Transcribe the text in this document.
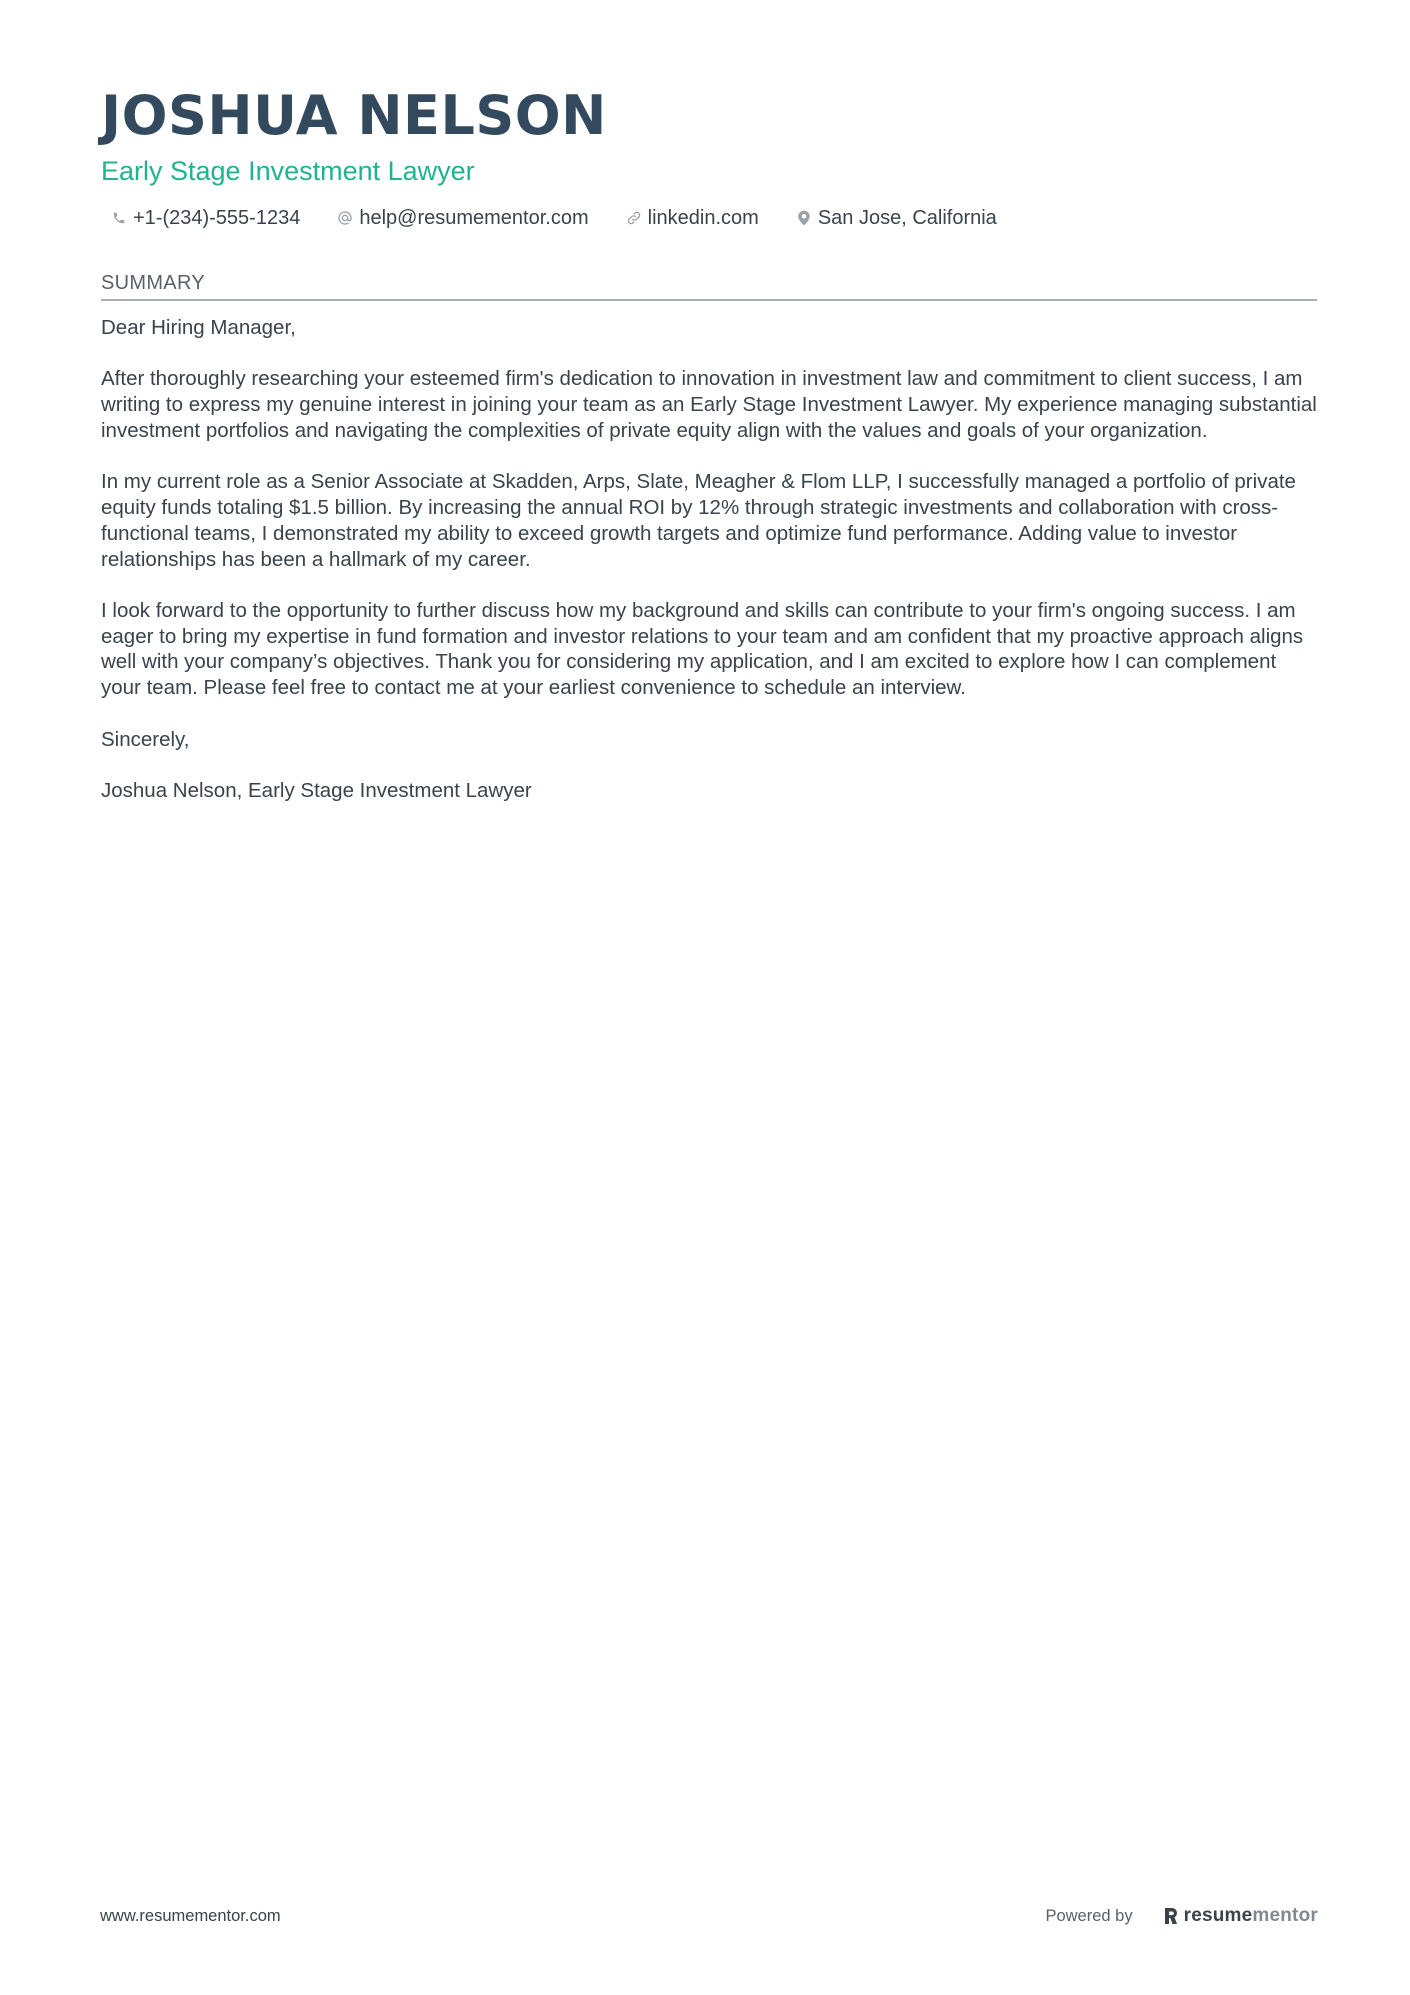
JOSHUA NELSON
Early Stage Investment Lawyer
+1-(234)-555-1234	help@resumementor.com	linkedin.com	San Jose, California
SUMMARY

Dear Hiring Manager,

After thoroughly researching your esteemed firm's dedication to innovation in investment law and commitment to client success, I am writing to express my genuine interest in joining your team as an Early Stage Investment Lawyer. My experience managing substantial investment portfolios and navigating the complexities of private equity align with the values and goals of your organization.

In my current role as a Senior Associate at Skadden, Arps, Slate, Meagher & Flom LLP, I successfully managed a portfolio of private equity funds totaling $1.5 billion. By increasing the annual ROI by 12% through strategic investments and collaboration with cross-functional teams, I demonstrated my ability to exceed growth targets and optimize fund performance. Adding value to investor relationships has been a hallmark of my career.

I look forward to the opportunity to further discuss how my background and skills can contribute to your firm's ongoing success. I am eager to bring my expertise in fund formation and investor relations to your team and am confident that my proactive approach aligns well with your company’s objectives. Thank you for considering my application, and I am excited to explore how I can complement your team. Please feel free to contact me at your earliest convenience to schedule an interview.

Sincerely,

Joshua Nelson, Early Stage Investment Lawyer

www.resumementor.com	Powered by	resume mentor
